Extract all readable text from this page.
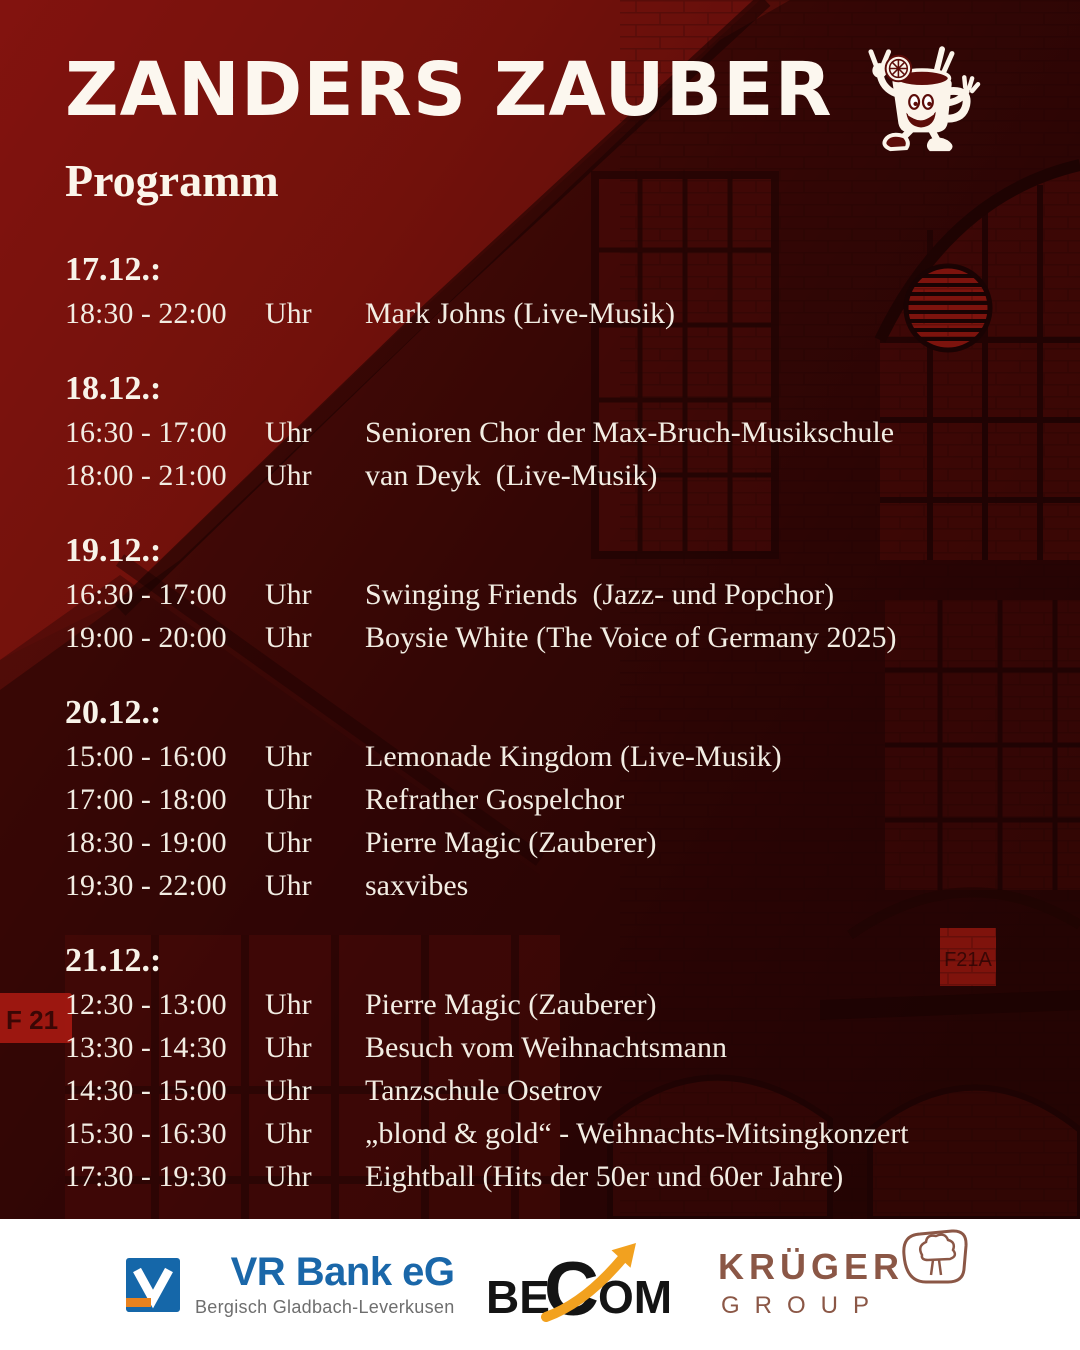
F21A
F 21
ZANDERS ZAUBER
Programm
17.12.:
18:30 - 22:00	Uhr	Mark Johns (Live-Musik)
18.12.:
16:30 - 17:00	Uhr	Senioren Chor der Max-Bruch-Musikschule
18:00 - 21:00	Uhr	van Deyk  (Live-Musik)
19.12.:
16:30 - 17:00	Uhr	Swinging Friends  (Jazz- und Popchor)
19:00 - 20:00	Uhr	Boysie White (The Voice of Germany 2025)
20.12.:
15:00 - 16:00	Uhr	Lemonade Kingdom (Live-Musik)
17:00 - 18:00	Uhr	Refrather Gospelchor
18:30 - 19:00	Uhr	Pierre Magic (Zauberer)
19:30 - 22:00	Uhr	saxvibes
21.12.:
12:30 - 13:00	Uhr	Pierre Magic (Zauberer)
13:30 - 14:30	Uhr	Besuch vom Weihnachtsmann
14:30 - 15:00	Uhr	Tanzschule Osetrov
15:30 - 16:30	Uhr	„blond & gold“ - Weihnachts-Mitsingkonzert
17:30 - 19:30	Uhr	Eightball (Hits der 50er und 60er Jahre)
VR Bank eG
Bergisch Gladbach-Leverkusen BE
C OM
KRÜGER
GROUP
